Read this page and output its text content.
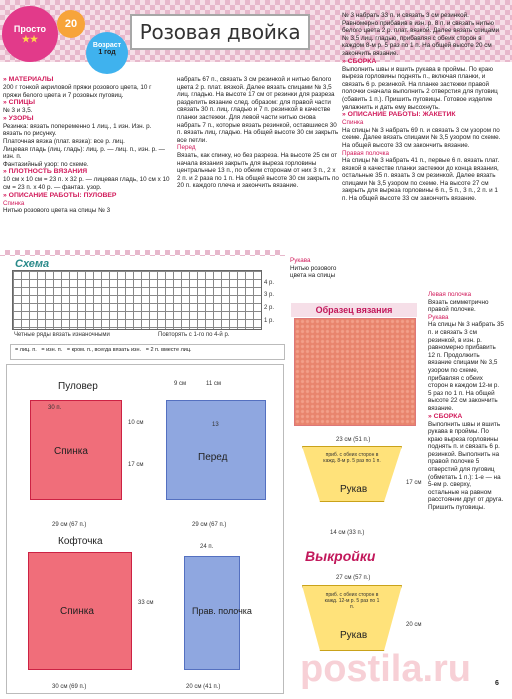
Просто
★★
20
Возраст
1 год
Розовая двойка
» МАТЕРИАЛЫ
200 г тонкой акриловой пряжи розового цвета, 10 г пряжи белого цвета и 7 розовых пуговиц.
» СПИЦЫ
№ 3 и 3,5.
» УЗОРЫ
Резинка: вязать попеременно 1 лиц., 1 изн. Изн. р. вязать по рисунку.
Платочная вязка (плат. вязка): все р. лиц.
Лицевая гладь (лиц. гладь): лиц. р. — лиц. п., изн. р. — изн. п.
Фантазийный узор: по схеме.
» ПЛОТНОСТЬ ВЯЗАНИЯ
10 см х 10 см = 23 п. х 32 р. — лицевая гладь, 10 см х 10 см = 23 п. х 40 р. — фантаз. узор.
» ОПИСАНИЕ РАБОТЫ: ПУЛОВЕР
Спинка
Нитью розового цвета на спицы № 3
набрать 67 п., связать 3 см резинкой и нитью белого цвета 2 р. плат. вязкой. Далее вязать спицами № 3,5 лиц. гладью. На высоте 17 см от резинки для разреза разделить вязание след. образом: для правой части связать 30 п. лиц. гладью и 7 п. резинкой в качестве планки застежки. Для левой части нитью снова набрать 7 п., которые вязать резинкой, оставшиеся 30 п. вязать лиц. гладью. На общей высоте 30 см закрыть все петли.
Перед
Вязать, как спинку, но без разреза. На высоте 25 см от начала вязания закрыть для выреза горловины центральные 13 п., по обеим сторонам от них 3 п., 2 х 2 п. и 2 раза по 1 п. На общей высоте 30 см закрыть по 20 п. каждого плеча и закончить вязание.
Рукава
Нитью розового цвета на спицы
№ 3 набрать 33 п. и связать 3 см резинкой. Равномерно прибавив в изн. р. 8 п. и связать нитью белого цвета 2 р. плат. вязкой. Далее вязать спицами № 3,5 лиц. гладью, прибавляя с обеих сторон в каждом 8-м р. 5 раз по 1 п. На общей высоте 20 см закончить вязание.
» СБОРКА
Выполнить швы и вшить рукава в проймы. По краю выреза горловины поднять п., включая планки, и связать 6 р. резинкой. На планке застежки правой полочки сначала выполнить 2 отверстия для пуговиц (сбавить 1 п.). Пришить пуговицы. Готовое изделие увлажнить и дать ему высохнуть.
» ОПИСАНИЕ РАБОТЫ: ЖАКЕТИК
Спинка
На спицы № 3 набрать 69 п. и связать 3 см узором по схеме. Далее вязать спицами № 3,5 узором по схеме. На общей высоте 33 см закончить вязание.
Правая полочка
На спицы № 3 набрать 41 п., первые 6 п. вязать плат. вязкой в качестве планки застежки до конца вязания, остальные 35 п. вязать 3 см резинкой. Далее вязать спицами № 3,5 узором по схеме. На высоте 27 см закрыть для выреза горловины 6 п., 5 п., 3 п., 2 п. и 1 п. На общей высоте 33 см закончить вязание.
Левая полочка
Вязать симметрично правой полочке.
Рукава
На спицы № 3 набрать 35 п. и связать 3 см резинкой, в изн. р. равномерно прибавить 12 п. Продолжить вязание спицами № 3,5 узором по схеме, прибавляя с обеих сторон в каждом 12-м р. 5 раз по 1 п. На общей высоте 22 см закончить вязание.
» СБОРКА
Выполнить швы и вшить рукава в проймы. По краю выреза горловины поднять п. и связать 6 р. резинкой. Выполнить на правой полочке 5 отверстий для пуговиц (обметать 1 п.): 1-е — на 5-ем р. сверху, остальные на равном расстоянии друг от друга. Пришить пуговицы.
Схема
4 р.
3 р.
2 р.
1 р.
Четные ряды вязать изнаночными	Повторять с 1-го по 4-й р.
= лиц. п. = изн. п. = кром. п., всегда вязать изн. = 2 п. вместе лиц.
Образец вязания
Пуловер
Спинка
29 см (67 п.)
30 п.
10 см
17 см
Перед
13
9 см	11 см
29 см (67 п.)
Кофточка
Спинка
30 см (69 п.)
33 см
Прав. полочка
20 см (41 п.)
24 п.
23 см (51 п.)
приб. с обеих сторон в кажд. 8-м р. 5 раз по 1 п.
Рукав
14 см (33 п.)
17 см
Выкройки
27 см (57 п.)
приб. с обеих сторон в кажд. 12-м р. 5 раз по 1 п.
Рукав
20 см
postila.ru	6
